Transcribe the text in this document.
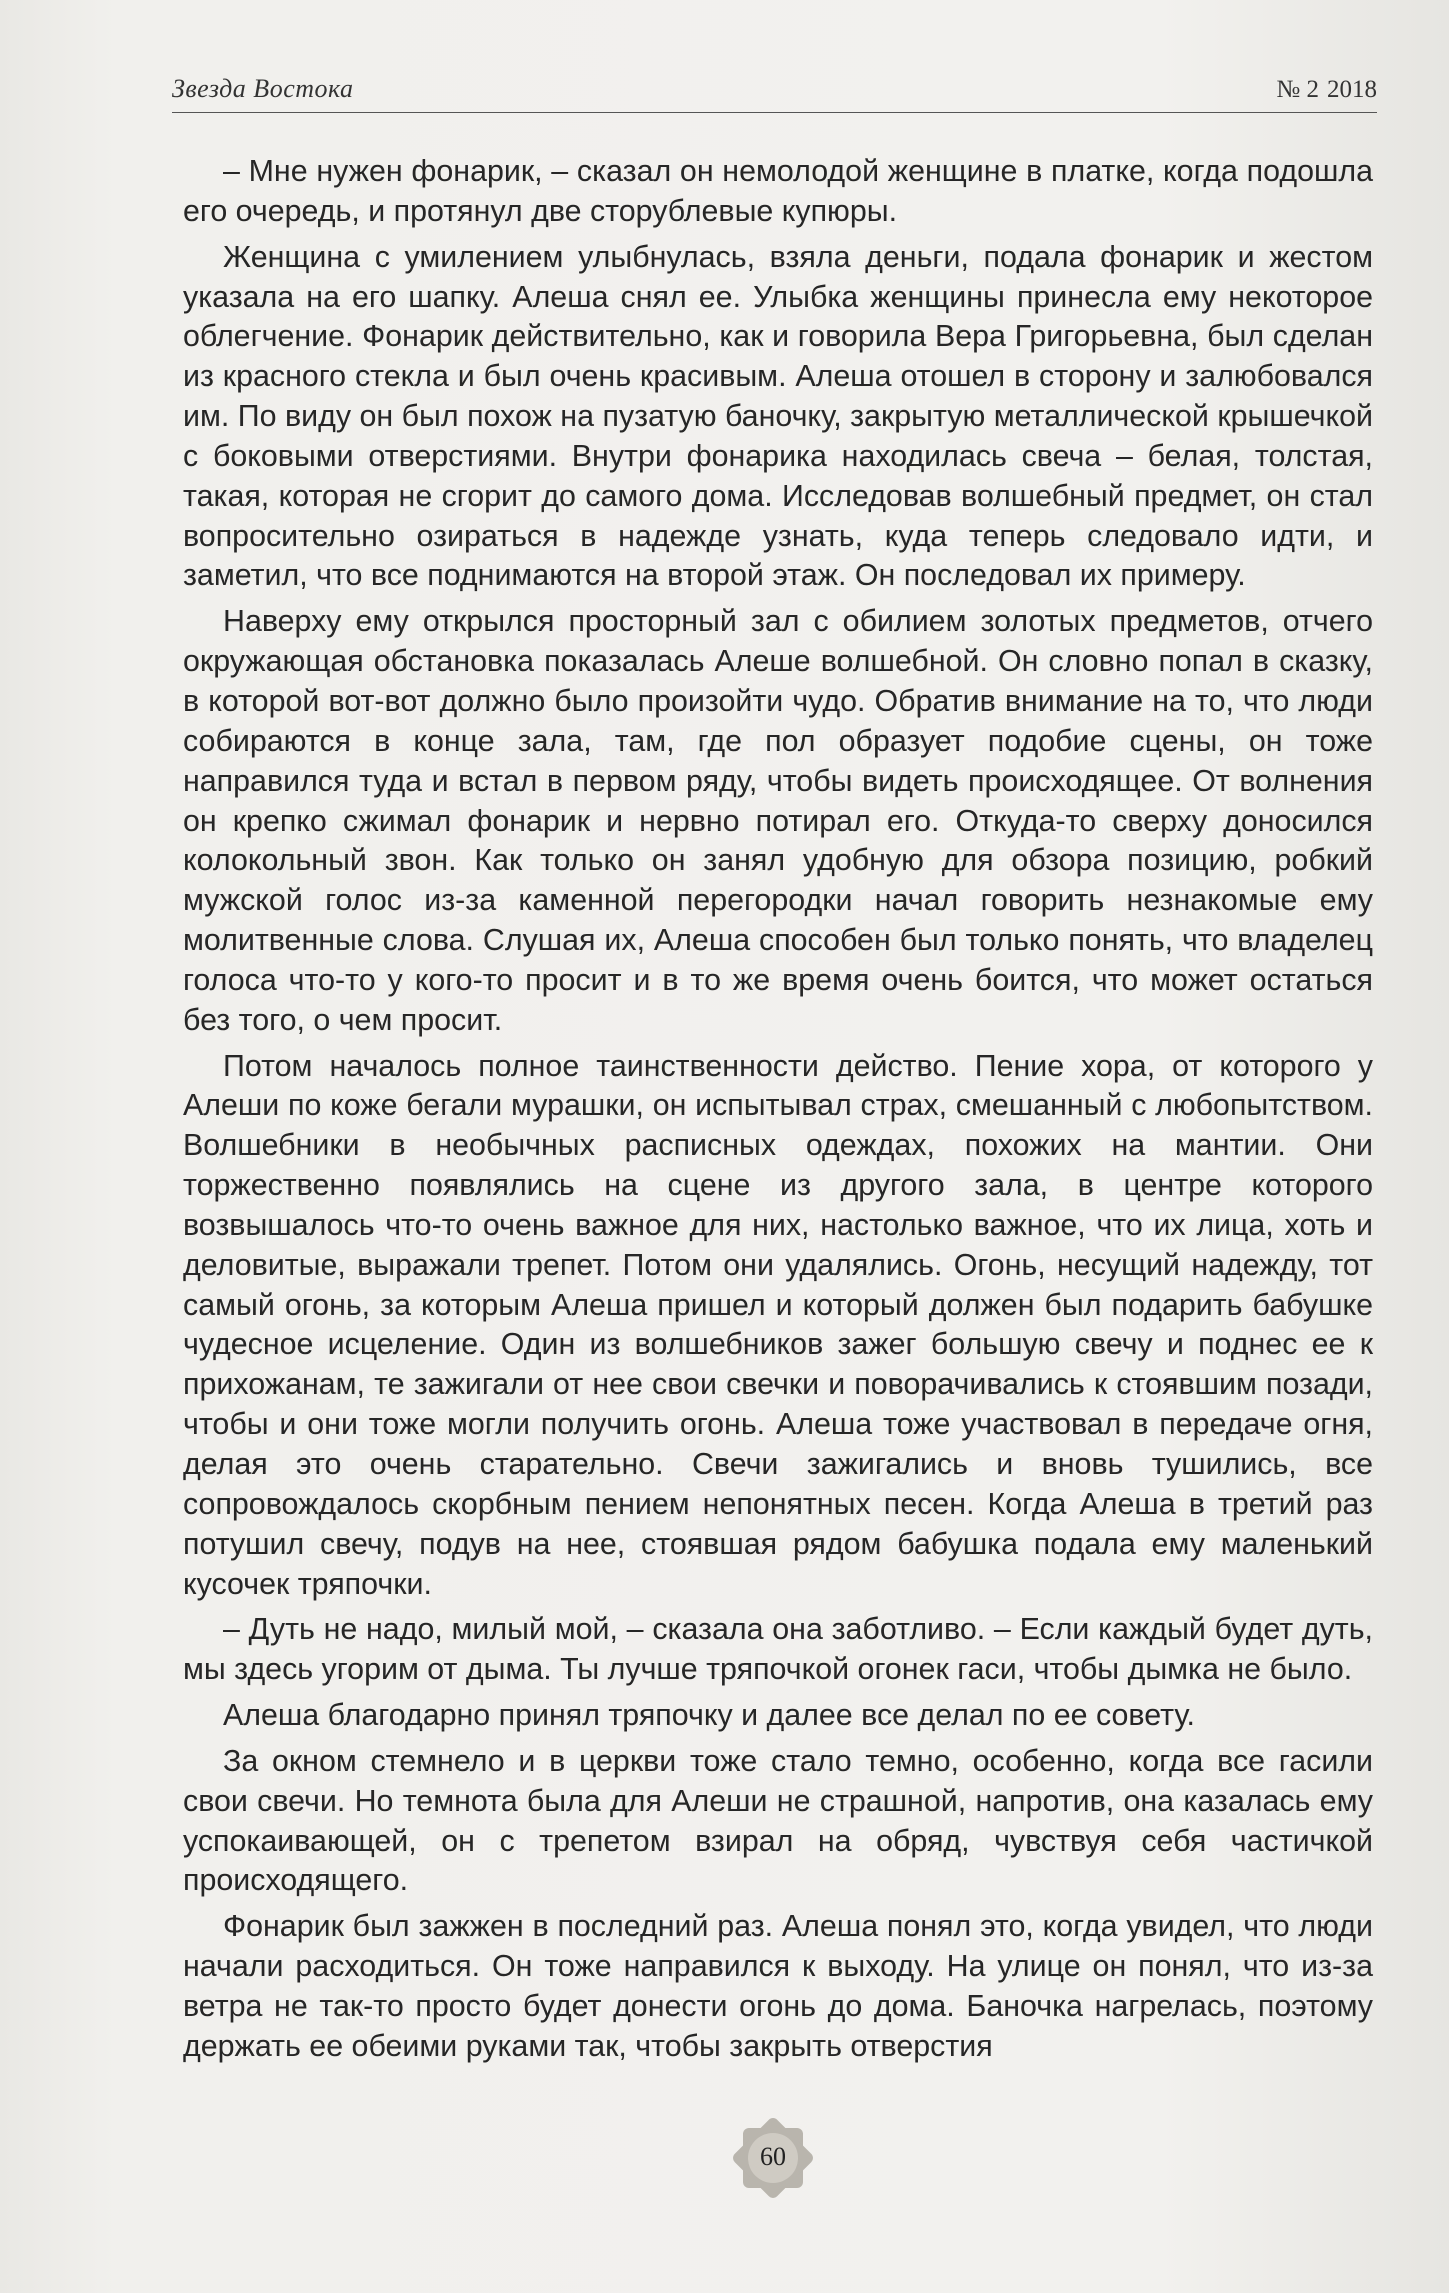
Звезда Востока	№ 2 2018

– Мне нужен фонарик, – сказал он немолодой женщине в платке, когда подошла его очередь, и протянул две сторублевые купюры.

Женщина с умилением улыбнулась, взяла деньги, подала фонарик и жестом указала на его шапку. Алеша снял ее. Улыбка женщины принесла ему некоторое облегчение. Фонарик действительно, как и говорила Вера Григорьевна, был сделан из красного стекла и был очень красивым. Алеша отошел в сторону и залюбовался им. По виду он был похож на пузатую баночку, закрытую металлической крышечкой с боковыми отверстиями. Внутри фонарика находилась свеча – белая, толстая, такая, которая не сгорит до самого дома. Исследовав волшебный предмет, он стал вопросительно озираться в надежде узнать, куда теперь следовало идти, и заметил, что все поднимаются на второй этаж. Он последовал их примеру.

Наверху ему открылся просторный зал с обилием золотых предметов, отчего окружающая обстановка показалась Алеше волшебной. Он словно попал в сказку, в которой вот-вот должно было произойти чудо. Обратив внимание на то, что люди собираются в конце зала, там, где пол образует подобие сцены, он тоже направился туда и встал в первом ряду, чтобы видеть происходящее. От волнения он крепко сжимал фонарик и нервно потирал его. Откуда-то сверху доносился колокольный звон. Как только он занял удобную для обзора позицию, робкий мужской голос из-за каменной перегородки начал говорить незнакомые ему молитвенные слова. Слушая их, Алеша способен был только понять, что владелец голоса что-то у кого-то просит и в то же время очень боится, что может остаться без того, о чем просит.

Потом началось полное таинственности действо. Пение хора, от которого у Алеши по коже бегали мурашки, он испытывал страх, смешанный с любопытством. Волшебники в необычных расписных одеждах, похожих на мантии. Они торжественно появлялись на сцене из другого зала, в центре которого возвышалось что-то очень важное для них, настолько важное, что их лица, хоть и деловитые, выражали трепет. Потом они удалялись. Огонь, несущий надежду, тот самый огонь, за которым Алеша пришел и который должен был подарить бабушке чудесное исцеление. Один из волшебников зажег большую свечу и поднес ее к прихожанам, те зажигали от нее свои свечки и поворачивались к стоявшим позади, чтобы и они тоже могли получить огонь. Алеша тоже участвовал в передаче огня, делая это очень старательно. Свечи зажигались и вновь тушились, все сопровождалось скорбным пением непонятных песен. Когда Алеша в третий раз потушил свечу, подув на нее, стоявшая рядом бабушка подала ему маленький кусочек тряпочки.

– Дуть не надо, милый мой, – сказала она заботливо. – Если каждый будет дуть, мы здесь угорим от дыма. Ты лучше тряпочкой огонек гаси, чтобы дымка не было.

Алеша благодарно принял тряпочку и далее все делал по ее совету.

За окном стемнело и в церкви тоже стало темно, особенно, когда все гасили свои свечи. Но темнота была для Алеши не страшной, напротив, она казалась ему успокаивающей, он с трепетом взирал на обряд, чувствуя себя частичкой происходящего.

Фонарик был зажжен в последний раз. Алеша понял это, когда увидел, что люди начали расходиться. Он тоже направился к выходу. На улице он понял, что из-за ветра не так-то просто будет донести огонь до дома. Баночка нагрелась, поэтому держать ее обеими руками так, чтобы закрыть отверстия

60
